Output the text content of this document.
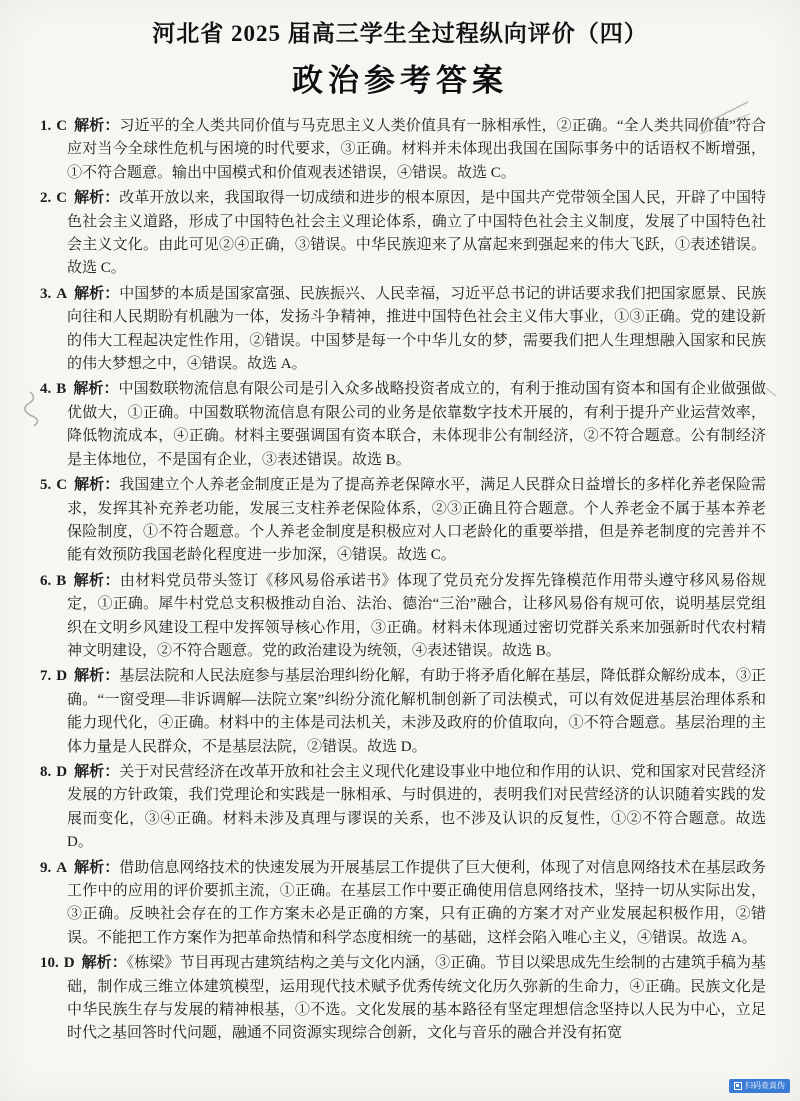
河北省 2025 届高三学生全过程纵向评价（四）
政治参考答案

1. C 解析：习近平的全人类共同价值与马克思主义人类价值具有一脉相承性，②正确。“全人类共同价值”符合应对当今全球性危机与困境的时代要求，③正确。材料并未体现出我国在国际事务中的话语权不断增强，①不符合题意。输出中国模式和价值观表述错误，④错误。故选 C。

2. C 解析：改革开放以来，我国取得一切成绩和进步的根本原因，是中国共产党带领全国人民，开辟了中国特色社会主义道路，形成了中国特色社会主义理论体系，确立了中国特色社会主义制度，发展了中国特色社会主义文化。由此可见②④正确，③错误。中华民族迎来了从富起来到强起来的伟大飞跃，①表述错误。故选 C。

3. A 解析：中国梦的本质是国家富强、民族振兴、人民幸福，习近平总书记的讲话要求我们把国家愿景、民族向往和人民期盼有机融为一体，发扬斗争精神，推进中国特色社会主义伟大事业，①③正确。党的建设新的伟大工程起决定性作用，②错误。中国梦是每一个中华儿女的梦，需要我们把人生理想融入国家和民族的伟大梦想之中，④错误。故选 A。

4. B 解析：中国数联物流信息有限公司是引入众多战略投资者成立的，有利于推动国有资本和国有企业做强做优做大，①正确。中国数联物流信息有限公司的业务是依靠数字技术开展的，有利于提升产业运营效率，降低物流成本，④正确。材料主要强调国有资本联合，未体现非公有制经济，②不符合题意。公有制经济是主体地位，不是国有企业，③表述错误。故选 B。

5. C 解析：我国建立个人养老金制度正是为了提高养老保障水平，满足人民群众日益增长的多样化养老保险需求，发挥其补充养老功能，发展三支柱养老保险体系，②③正确且符合题意。个人养老金不属于基本养老保险制度，①不符合题意。个人养老金制度是积极应对人口老龄化的重要举措，但是养老制度的完善并不能有效预防我国老龄化程度进一步加深，④错误。故选 C。

6. B 解析：由材料党员带头签订《移风易俗承诺书》体现了党员充分发挥先锋模范作用带头遵守移风易俗规定，①正确。犀牛村党总支积极推动自治、法治、德治“三治”融合，让移风易俗有规可依，说明基层党组织在文明乡风建设工程中发挥领导核心作用，③正确。材料未体现通过密切党群关系来加强新时代农村精神文明建设，②不符合题意。党的政治建设为统领，④表述错误。故选 B。

7. D 解析：基层法院和人民法庭参与基层治理纠纷化解，有助于将矛盾化解在基层，降低群众解纷成本，③正确。“一窗受理—非诉调解—法院立案”纠纷分流化解机制创新了司法模式，可以有效促进基层治理体系和能力现代化，④正确。材料中的主体是司法机关，未涉及政府的价值取向，①不符合题意。基层治理的主体力量是人民群众，不是基层法院，②错误。故选 D。

8. D 解析：关于对民营经济在改革开放和社会主义现代化建设事业中地位和作用的认识、党和国家对民营经济发展的方针政策，我们党理论和实践是一脉相承、与时俱进的，表明我们对民营经济的认识随着实践的发展而变化，③④正确。材料未涉及真理与谬误的关系，也不涉及认识的反复性，①②不符合题意。故选 D。

9. A 解析：借助信息网络技术的快速发展为开展基层工作提供了巨大便利，体现了对信息网络技术在基层政务工作中的应用的评价要抓主流，①正确。在基层工作中要正确使用信息网络技术，坚持一切从实际出发，③正确。反映社会存在的工作方案未必是正确的方案，只有正确的方案才对产业发展起积极作用，②错误。不能把工作方案作为把革命热情和科学态度相统一的基础，这样会陷入唯心主义，④错误。故选 A。

10. D 解析：《栋梁》节目再现古建筑结构之美与文化内涵，③正确。节目以梁思成先生绘制的古建筑手稿为基础，制作成三维立体建筑模型，运用现代技术赋予优秀传统文化历久弥新的生命力，④正确。民族文化是中华民族生存与发展的精神根基，①不选。文化发展的基本路径有坚定理想信念坚持以人民为中心，立足时代之基回答时代问题，融通不同资源实现综合创新，文化与音乐的融合并没有拓宽

扫码查真伪
